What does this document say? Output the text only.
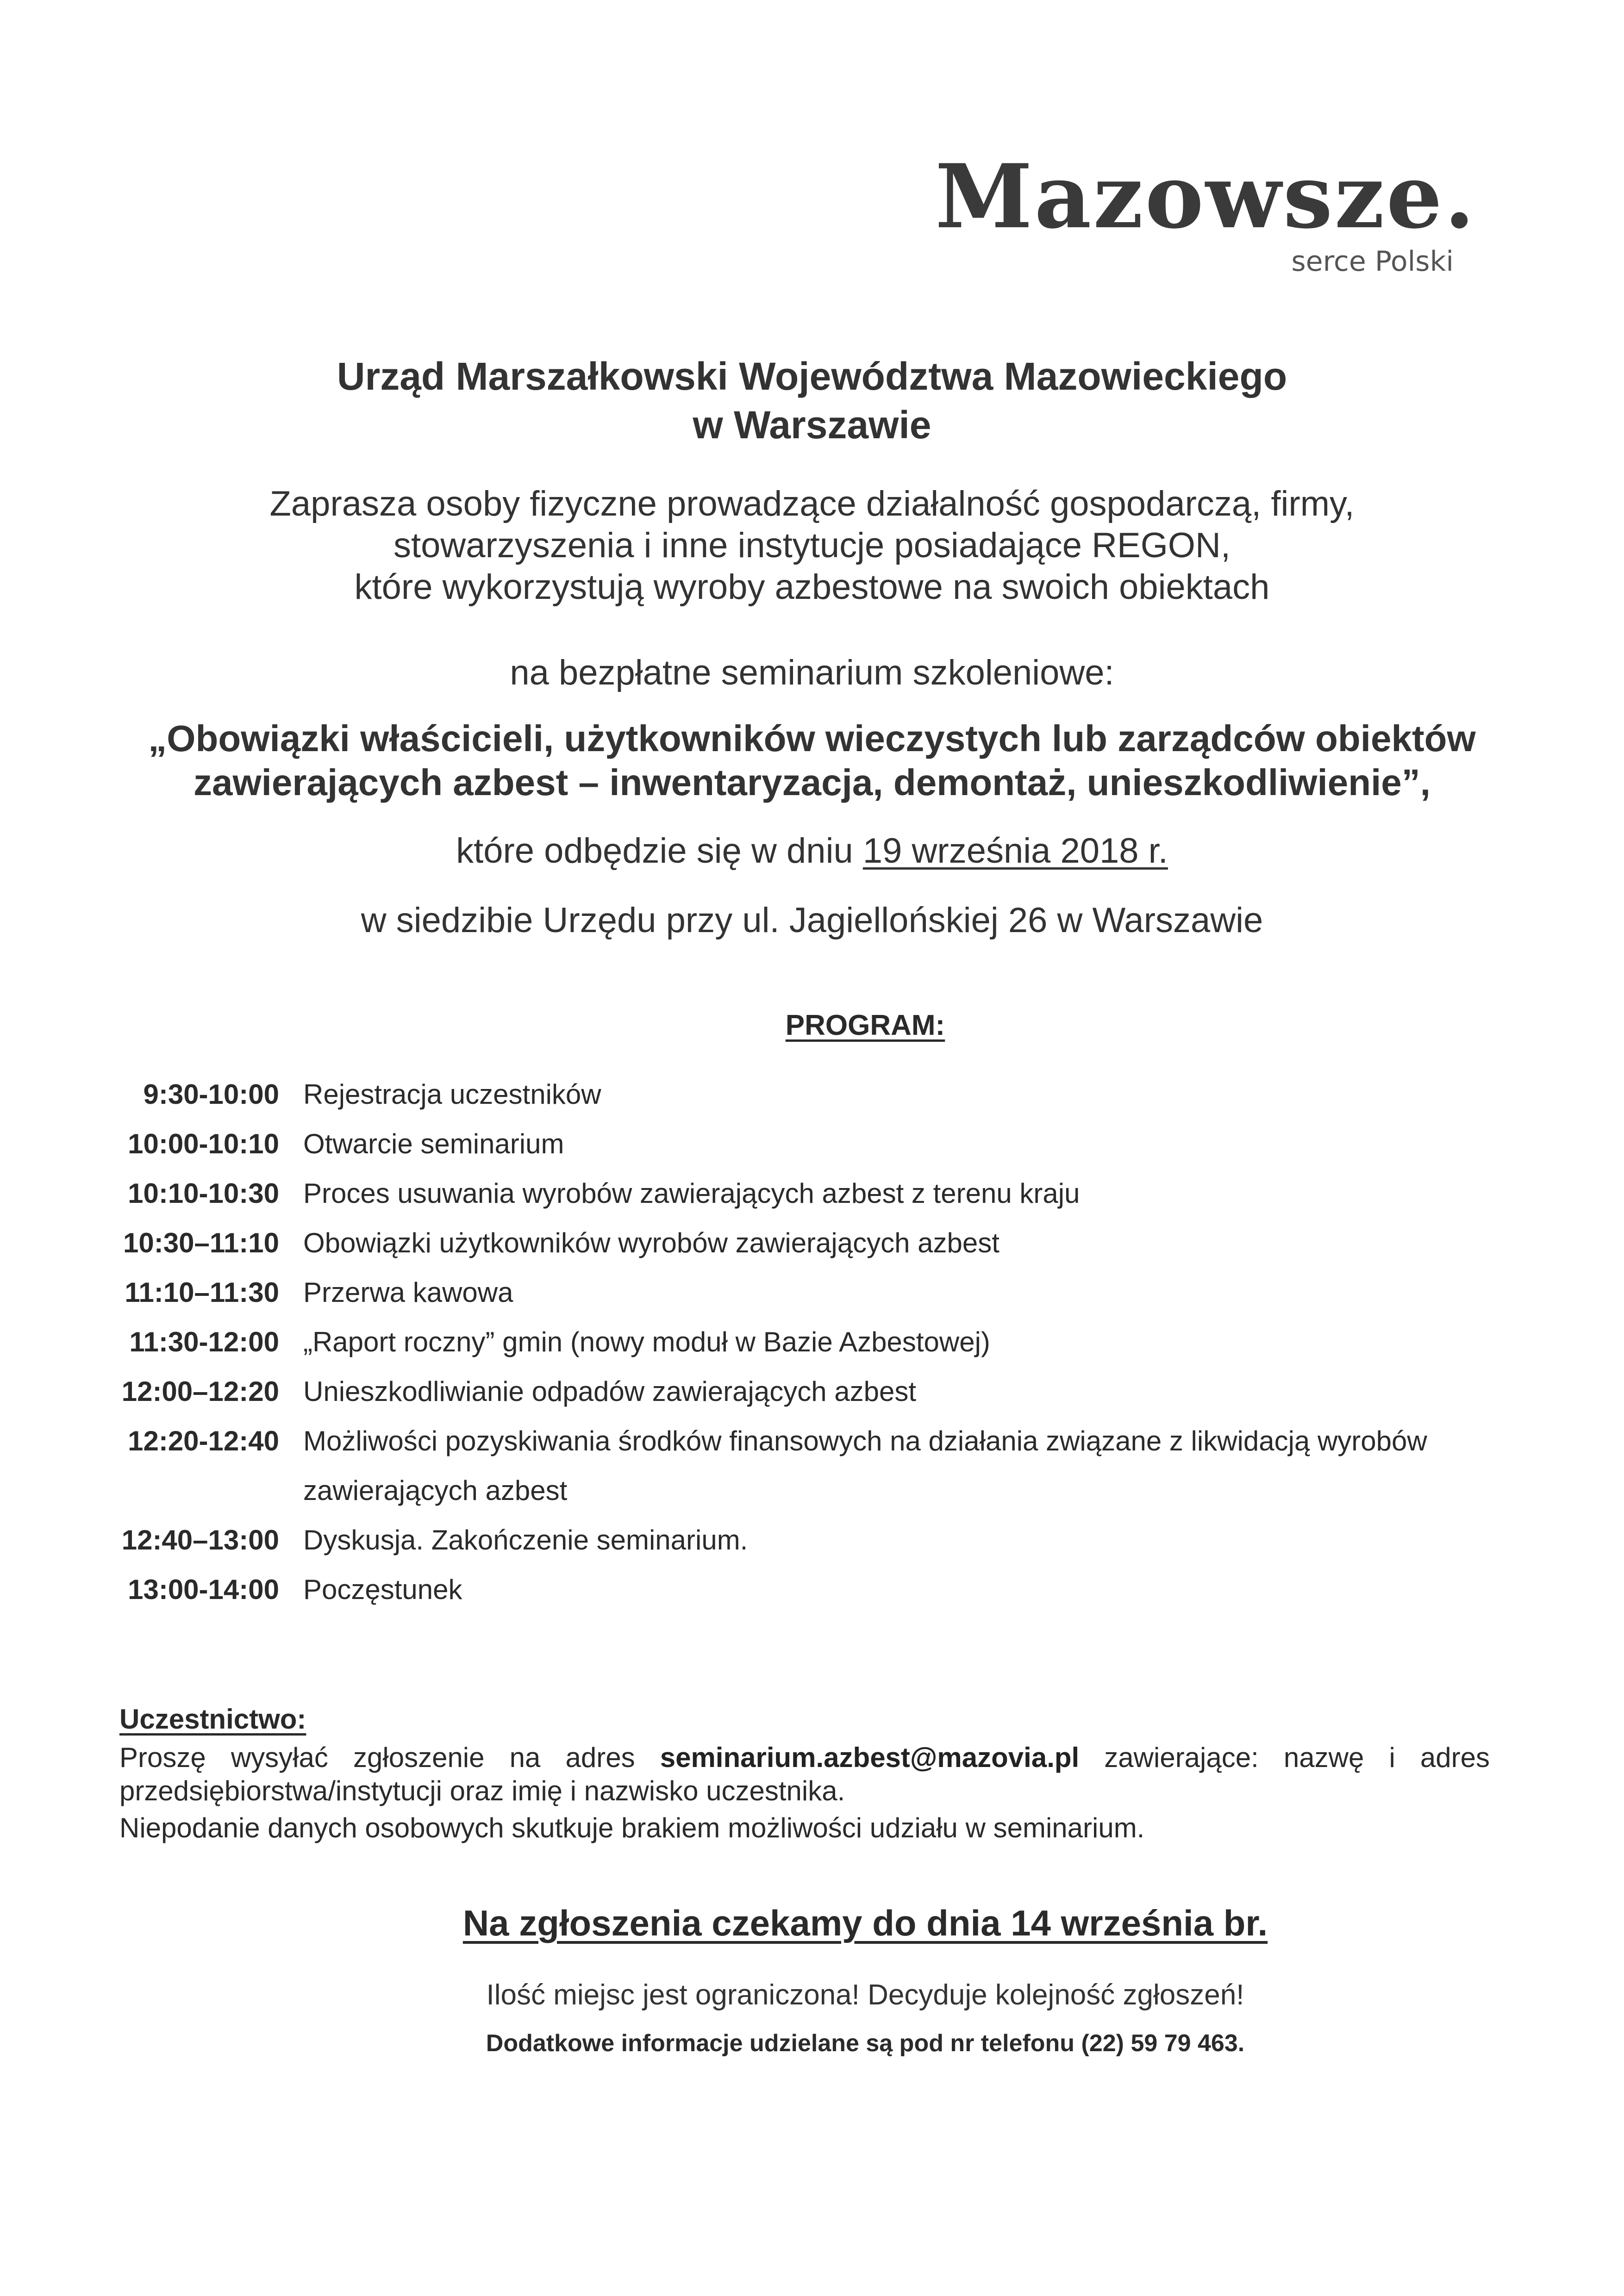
Mazowsze.
serce Polski
Urząd Marszałkowski Województwa Mazowieckiego
w Warszawie
Zaprasza osoby fizyczne prowadzące działalność gospodarczą, firmy,
stowarzyszenia i inne instytucje posiadające REGON,
które wykorzystują wyroby azbestowe na swoich obiektach
na bezpłatne seminarium szkoleniowe:
„Obowiązki właścicieli, użytkowników wieczystych lub zarządców obiektów
zawierających azbest – inwentaryzacja, demontaż, unieszkodliwienie”,
które odbędzie się w dniu 19 września 2018 r.
w siedzibie Urzędu przy ul. Jagiellońskiej 26 w Warszawie
PROGRAM:
9:30-10:00 Rejestracja uczestników
10:00-10:10 Otwarcie seminarium
10:10-10:30 Proces usuwania wyrobów zawierających azbest z terenu kraju
10:30–11:10 Obowiązki użytkowników wyrobów zawierających azbest
11:10–11:30 Przerwa kawowa
11:30-12:00 „Raport roczny” gmin (nowy moduł w Bazie Azbestowej)
12:00–12:20 Unieszkodliwianie odpadów zawierających azbest
12:20-12:40 Możliwości pozyskiwania środków finansowych na działania związane z likwidacją wyrobów
zawierających azbest
12:40–13:00 Dyskusja. Zakończenie seminarium.
13:00-14:00 Poczęstunek
Uczestnictwo:
Proszę wysyłać zgłoszenie na adres seminarium.azbest@mazovia.pl zawierające: nazwę i adres przedsiębiorstwa/instytucji oraz imię i nazwisko uczestnika.
Niepodanie danych osobowych skutkuje brakiem możliwości udziału w seminarium.
Na zgłoszenia czekamy do dnia 14 września br.
Ilość miejsc jest ograniczona! Decyduje kolejność zgłoszeń!
Dodatkowe informacje udzielane są pod nr telefonu (22) 59 79 463.
